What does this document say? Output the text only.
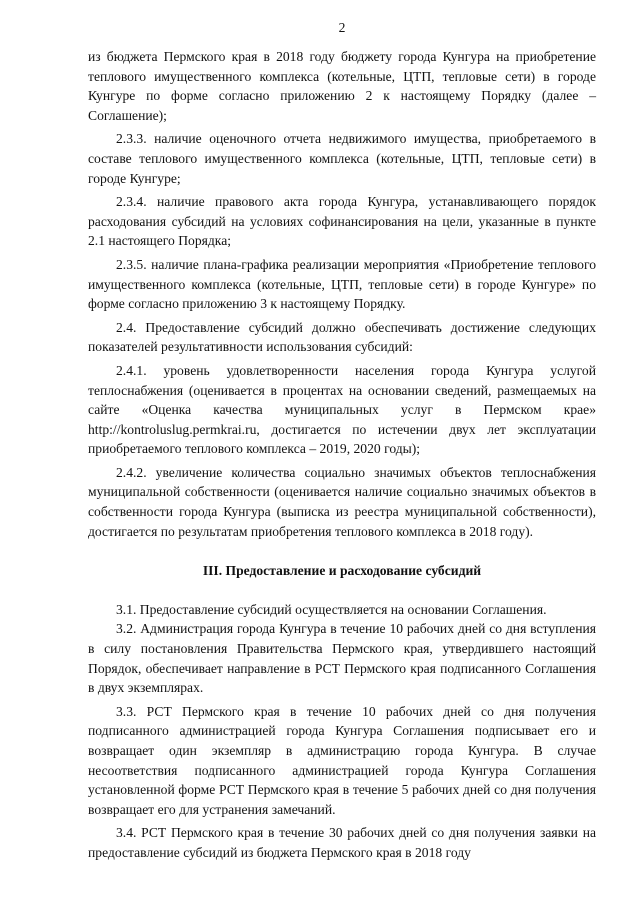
2

из бюджета Пермского края в 2018 году бюджету города Кунгура на приобретение теплового имущественного комплекса (котельные, ЦТП, тепловые сети) в городе Кунгуре по форме согласно приложению 2 к настоящему Порядку (далее – Соглашение);

2.3.3. наличие оценочного отчета недвижимого имущества, приобретаемого в составе теплового имущественного комплекса (котельные, ЦТП, тепловые сети) в городе Кунгуре;

2.3.4. наличие правового акта города Кунгура, устанавливающего порядок расходования субсидий на условиях софинансирования на цели, указанные в пункте 2.1 настоящего Порядка;

2.3.5. наличие плана-графика реализации мероприятия «Приобретение теплового имущественного комплекса (котельные, ЦТП, тепловые сети) в городе Кунгуре» по форме согласно приложению 3 к настоящему Порядку.

2.4. Предоставление субсидий должно обеспечивать достижение следующих показателей результативности использования субсидий:

2.4.1. уровень удовлетворенности населения города Кунгура услугой теплоснабжения (оценивается в процентах на основании сведений, размещаемых на сайте «Оценка качества муниципальных услуг в Пермском крае» http://kontroluslug.permkrai.ru, достигается по истечении двух лет эксплуатации приобретаемого теплового комплекса – 2019, 2020 годы);

2.4.2. увеличение количества социально значимых объектов теплоснабжения муниципальной собственности (оценивается наличие социально значимых объектов в собственности города Кунгура (выписка из реестра муниципальной собственности), достигается по результатам приобретения теплового комплекса в 2018 году).

III. Предоставление и расходование субсидий

3.1. Предоставление субсидий осуществляется на основании Соглашения.

3.2. Администрация города Кунгура в течение 10 рабочих дней со дня вступления в силу постановления Правительства Пермского края, утвердившего настоящий Порядок, обеспечивает направление в РСТ Пермского края подписанного Соглашения в двух экземплярах.

3.3. РСТ Пермского края в течение 10 рабочих дней со дня получения подписанного администрацией города Кунгура Соглашения подписывает его и возвращает один экземпляр в администрацию города Кунгура. В случае несоответствия подписанного администрацией города Кунгура Соглашения установленной форме РСТ Пермского края в течение 5 рабочих дней со дня получения возвращает его для устранения замечаний.

3.4. РСТ Пермского края в течение 30 рабочих дней со дня получения заявки на предоставление субсидий из бюджета Пермского края в 2018 году
